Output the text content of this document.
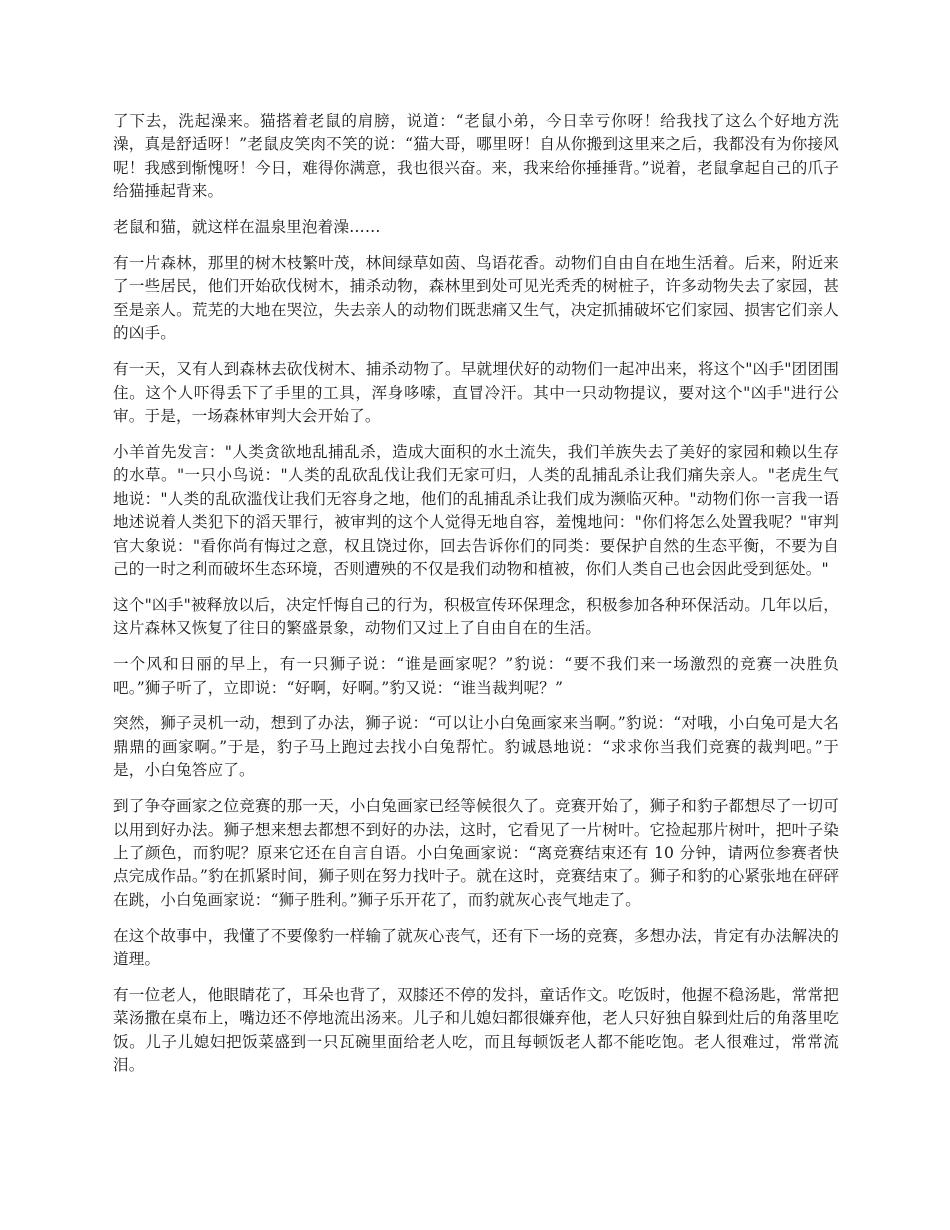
了下去，洗起澡来。猫搭着老鼠的肩膀，说道：“老鼠小弟，今日幸亏你呀！给我找了这么个好地方洗澡，真是舒适呀！”老鼠皮笑肉不笑的说：“猫大哥，哪里呀！自从你搬到这里来之后，我都没有为你接风呢！我感到惭愧呀！今日，难得你满意，我也很兴奋。来，我来给你捶捶背。”说着，老鼠拿起自己的爪子给猫捶起背来。

老鼠和猫，就这样在温泉里泡着澡……

有一片森林，那里的树木枝繁叶茂，林间绿草如茵、鸟语花香。动物们自由自在地生活着。后来，附近来了一些居民，他们开始砍伐树木，捕杀动物，森林里到处可见光秃秃的树桩子，许多动物失去了家园，甚至是亲人。荒芜的大地在哭泣，失去亲人的动物们既悲痛又生气，决定抓捕破坏它们家园、损害它们亲人的凶手。

有一天，又有人到森林去砍伐树木、捕杀动物了。早就埋伏好的动物们一起冲出来，将这个"凶手"团团围住。这个人吓得丢下了手里的工具，浑身哆嗦，直冒冷汗。其中一只动物提议，要对这个"凶手"进行公审。于是，一场森林审判大会开始了。

小羊首先发言："人类贪欲地乱捕乱杀，造成大面积的水土流失，我们羊族失去了美好的家园和赖以生存的水草。"一只小鸟说："人类的乱砍乱伐让我们无家可归，人类的乱捕乱杀让我们痛失亲人。"老虎生气地说："人类的乱砍滥伐让我们无容身之地，他们的乱捕乱杀让我们成为濒临灭种。"动物们你一言我一语地述说着人类犯下的滔天罪行，被审判的这个人觉得无地自容，羞愧地问："你们将怎么处置我呢？"审判官大象说："看你尚有悔过之意，权且饶过你，回去告诉你们的同类：要保护自然的生态平衡，不要为自己的一时之利而破坏生态环境，否则遭殃的不仅是我们动物和植被，你们人类自己也会因此受到惩处。"

这个"凶手"被释放以后，决定忏悔自己的行为，积极宣传环保理念，积极参加各种环保活动。几年以后，这片森林又恢复了往日的繁盛景象，动物们又过上了自由自在的生活。

一个风和日丽的早上，有一只狮子说：“谁是画家呢？”豹说：“要不我们来一场激烈的竞赛一决胜负吧。”狮子听了，立即说：“好啊，好啊。”豹又说：“谁当裁判呢？”

突然，狮子灵机一动，想到了办法，狮子说：“可以让小白兔画家来当啊。”豹说：“对哦，小白兔可是大名鼎鼎的画家啊。”于是，豹子马上跑过去找小白兔帮忙。豹诚恳地说：“求求你当我们竞赛的裁判吧。”于是，小白兔答应了。

到了争夺画家之位竞赛的那一天，小白兔画家已经等候很久了。竞赛开始了，狮子和豹子都想尽了一切可以用到好办法。狮子想来想去都想不到好的办法，这时，它看见了一片树叶。它捡起那片树叶，把叶子染上了颜色，而豹呢？原来它还在自言自语。小白兔画家说：“离竞赛结束还有 10 分钟，请两位参赛者快点完成作品。”豹在抓紧时间，狮子则在努力找叶子。就在这时，竞赛结束了。狮子和豹的心紧张地在砰砰在跳，小白兔画家说：“狮子胜利。”狮子乐开花了，而豹就灰心丧气地走了。

在这个故事中，我懂了不要像豹一样输了就灰心丧气，还有下一场的竞赛，多想办法，肯定有办法解决的道理。

有一位老人，他眼睛花了，耳朵也背了，双膝还不停的发抖，童话作文。吃饭时，他握不稳汤匙，常常把菜汤撒在桌布上，嘴边还不停地流出汤来。儿子和儿媳妇都很嫌弃他，老人只好独自躲到灶后的角落里吃饭。儿子儿媳妇把饭菜盛到一只瓦碗里面给老人吃，而且每顿饭老人都不能吃饱。老人很难过，常常流泪。
